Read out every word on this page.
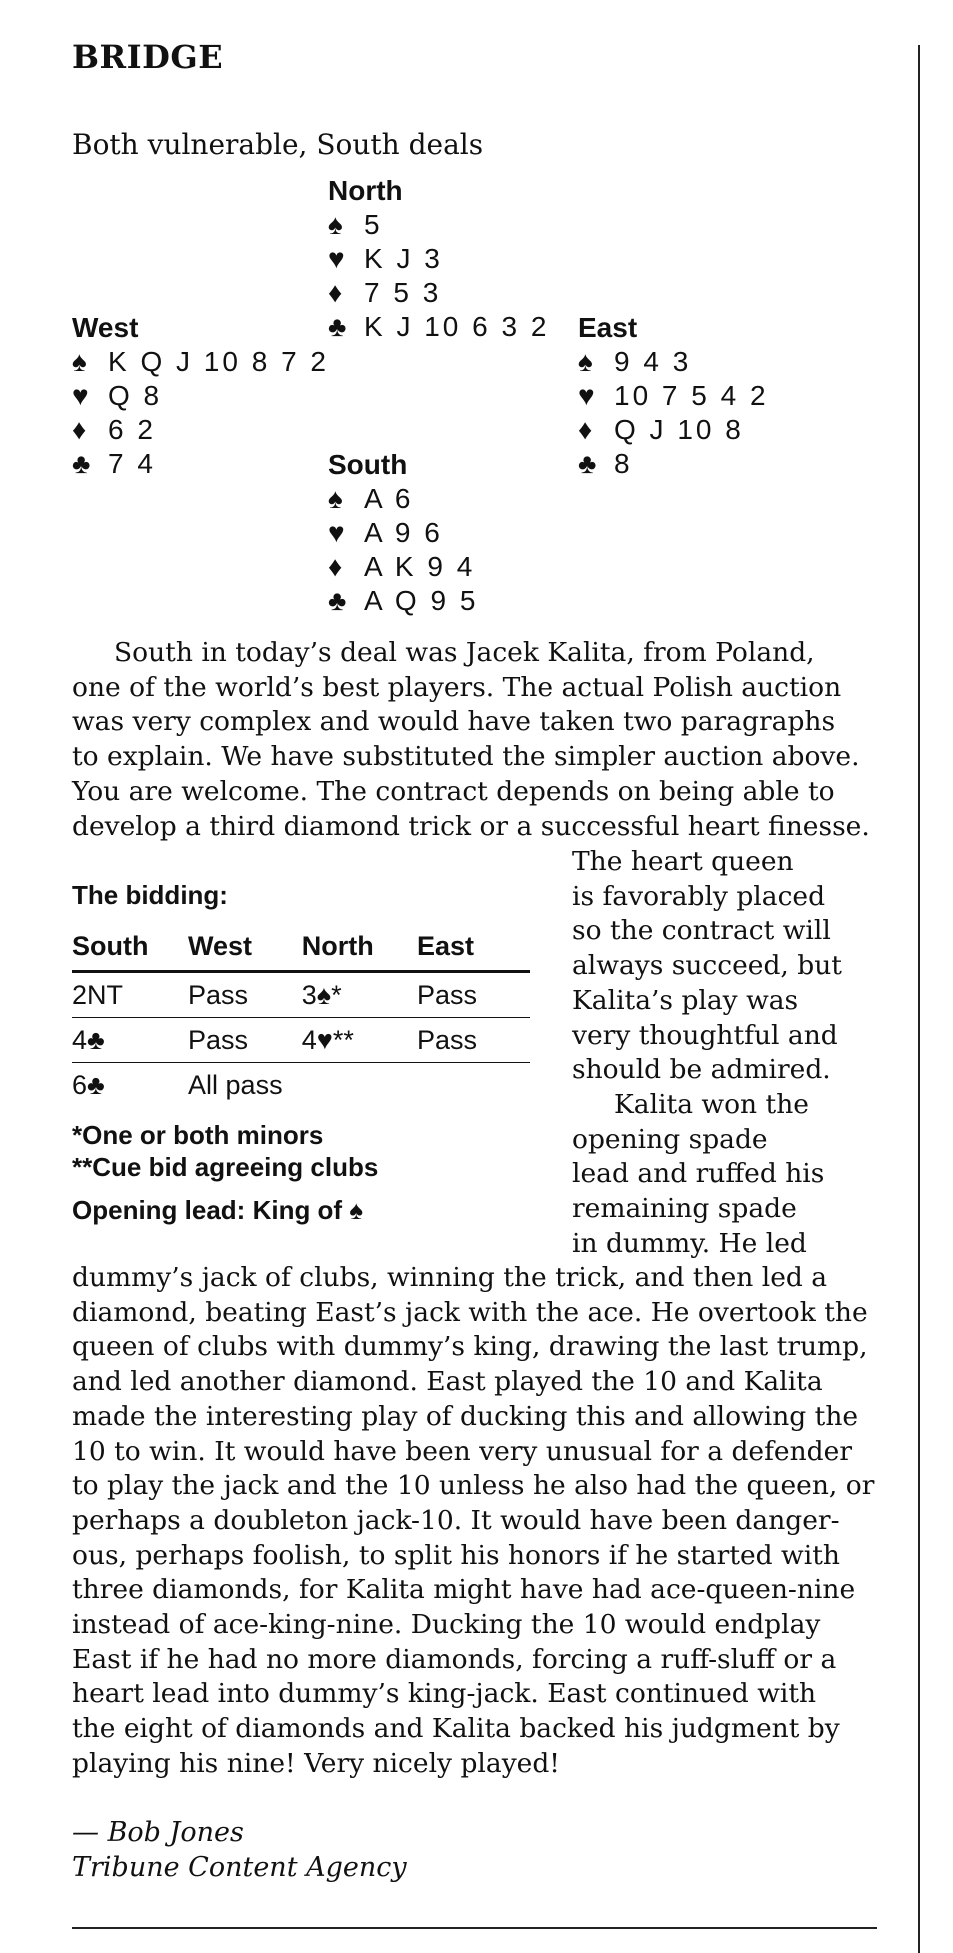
BRIDGE
Both vulnerable, South deals
North
♠ 5
♥ K J 3
♦ 7 5 3
♣ K J 10 6 3 2
West
♠ K Q J 10 8 7 2
♥ Q 8
♦ 6 2
♣ 7 4
East
♠ 9 4 3
♥ 10 7 5 4 2
♦ Q J 10 8
♣ 8
South
♠ A 6
♥ A 9 6
♦ A K 9 4
♣ A Q 9 5
South in today’s deal was Jacek Kalita, from Poland,
one of the world’s best players. The actual Polish auction
was very complex and would have taken two paragraphs
to explain. We have substituted the simpler auction above.
You are welcome. The contract depends on being able to
develop a third diamond trick or a successful heart finesse.
The bidding:
South	West	North	East
2NT	Pass	3♠*	Pass
4♣	Pass	4♥**	Pass
6♣	All pass		
*One or both minors
**Cue bid agreeing clubs
Opening lead: King of ♠
The heart queen
is favorably placed
so the contract will
always succeed, but
Kalita’s play was
very thoughtful and
should be admired.
Kalita won the
opening spade
lead and ruffed his
remaining spade
in dummy. He led
dummy’s jack of clubs, winning the trick, and then led a
diamond, beating East’s jack with the ace. He overtook the
queen of clubs with dummy’s king, drawing the last trump,
and led another diamond. East played the 10 and Kalita
made the interesting play of ducking this and allowing the
10 to win. It would have been very unusual for a defender
to play the jack and the 10 unless he also had the queen, or
perhaps a doubleton jack-10. It would have been danger-
ous, perhaps foolish, to split his honors if he started with
three diamonds, for Kalita might have had ace-queen-nine
instead of ace-king-nine. Ducking the 10 would endplay
East if he had no more diamonds, forcing a ruff-sluff or a
heart lead into dummy’s king-jack. East continued with
the eight of diamonds and Kalita backed his judgment by
playing his nine! Very nicely played!
— Bob Jones
Tribune Content Agency
